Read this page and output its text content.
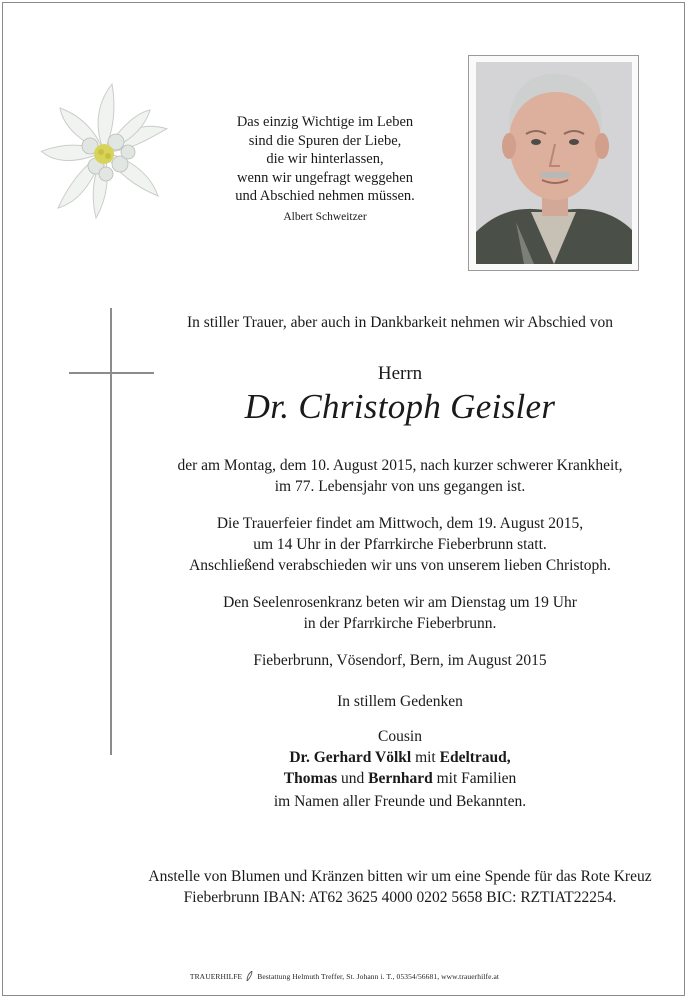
Das einzig Wichtige im Leben
sind die Spuren der Liebe,
die wir hinterlassen,
wenn wir ungefragt weggehen
und Abschied nehmen müssen.
Albert Schweitzer
In stiller Trauer, aber auch in Dankbarkeit nehmen wir Abschied von
Herrn
Dr. Christoph Geisler
der am Montag, dem 10. August 2015, nach kurzer schwerer Krankheit,
im 77. Lebensjahr von uns gegangen ist.
Die Trauerfeier findet am Mittwoch, dem 19. August 2015,
um 14 Uhr in der Pfarrkirche Fieberbrunn statt.
Anschließend verabschieden wir uns von unserem lieben Christoph.
Den Seelenrosenkranz beten wir am Dienstag um 19 Uhr
in der Pfarrkirche Fieberbrunn.
Fieberbrunn, Vösendorf, Bern, im August 2015
In stillem Gedenken
Cousin
Dr. Gerhard Völkl mit Edeltraud,
Thomas und Bernhard mit Familien
im Namen aller Freunde und Bekannten.
Anstelle von Blumen und Kränzen bitten wir um eine Spende für das Rote Kreuz
Fieberbrunn IBAN: AT62 3625 4000 0202 5658 BIC: RZTIAT22254.
TRAUERHILFE Bestattung Helmuth Treffer, St. Johann i. T., 05354/56681, www.trauerhilfe.at
